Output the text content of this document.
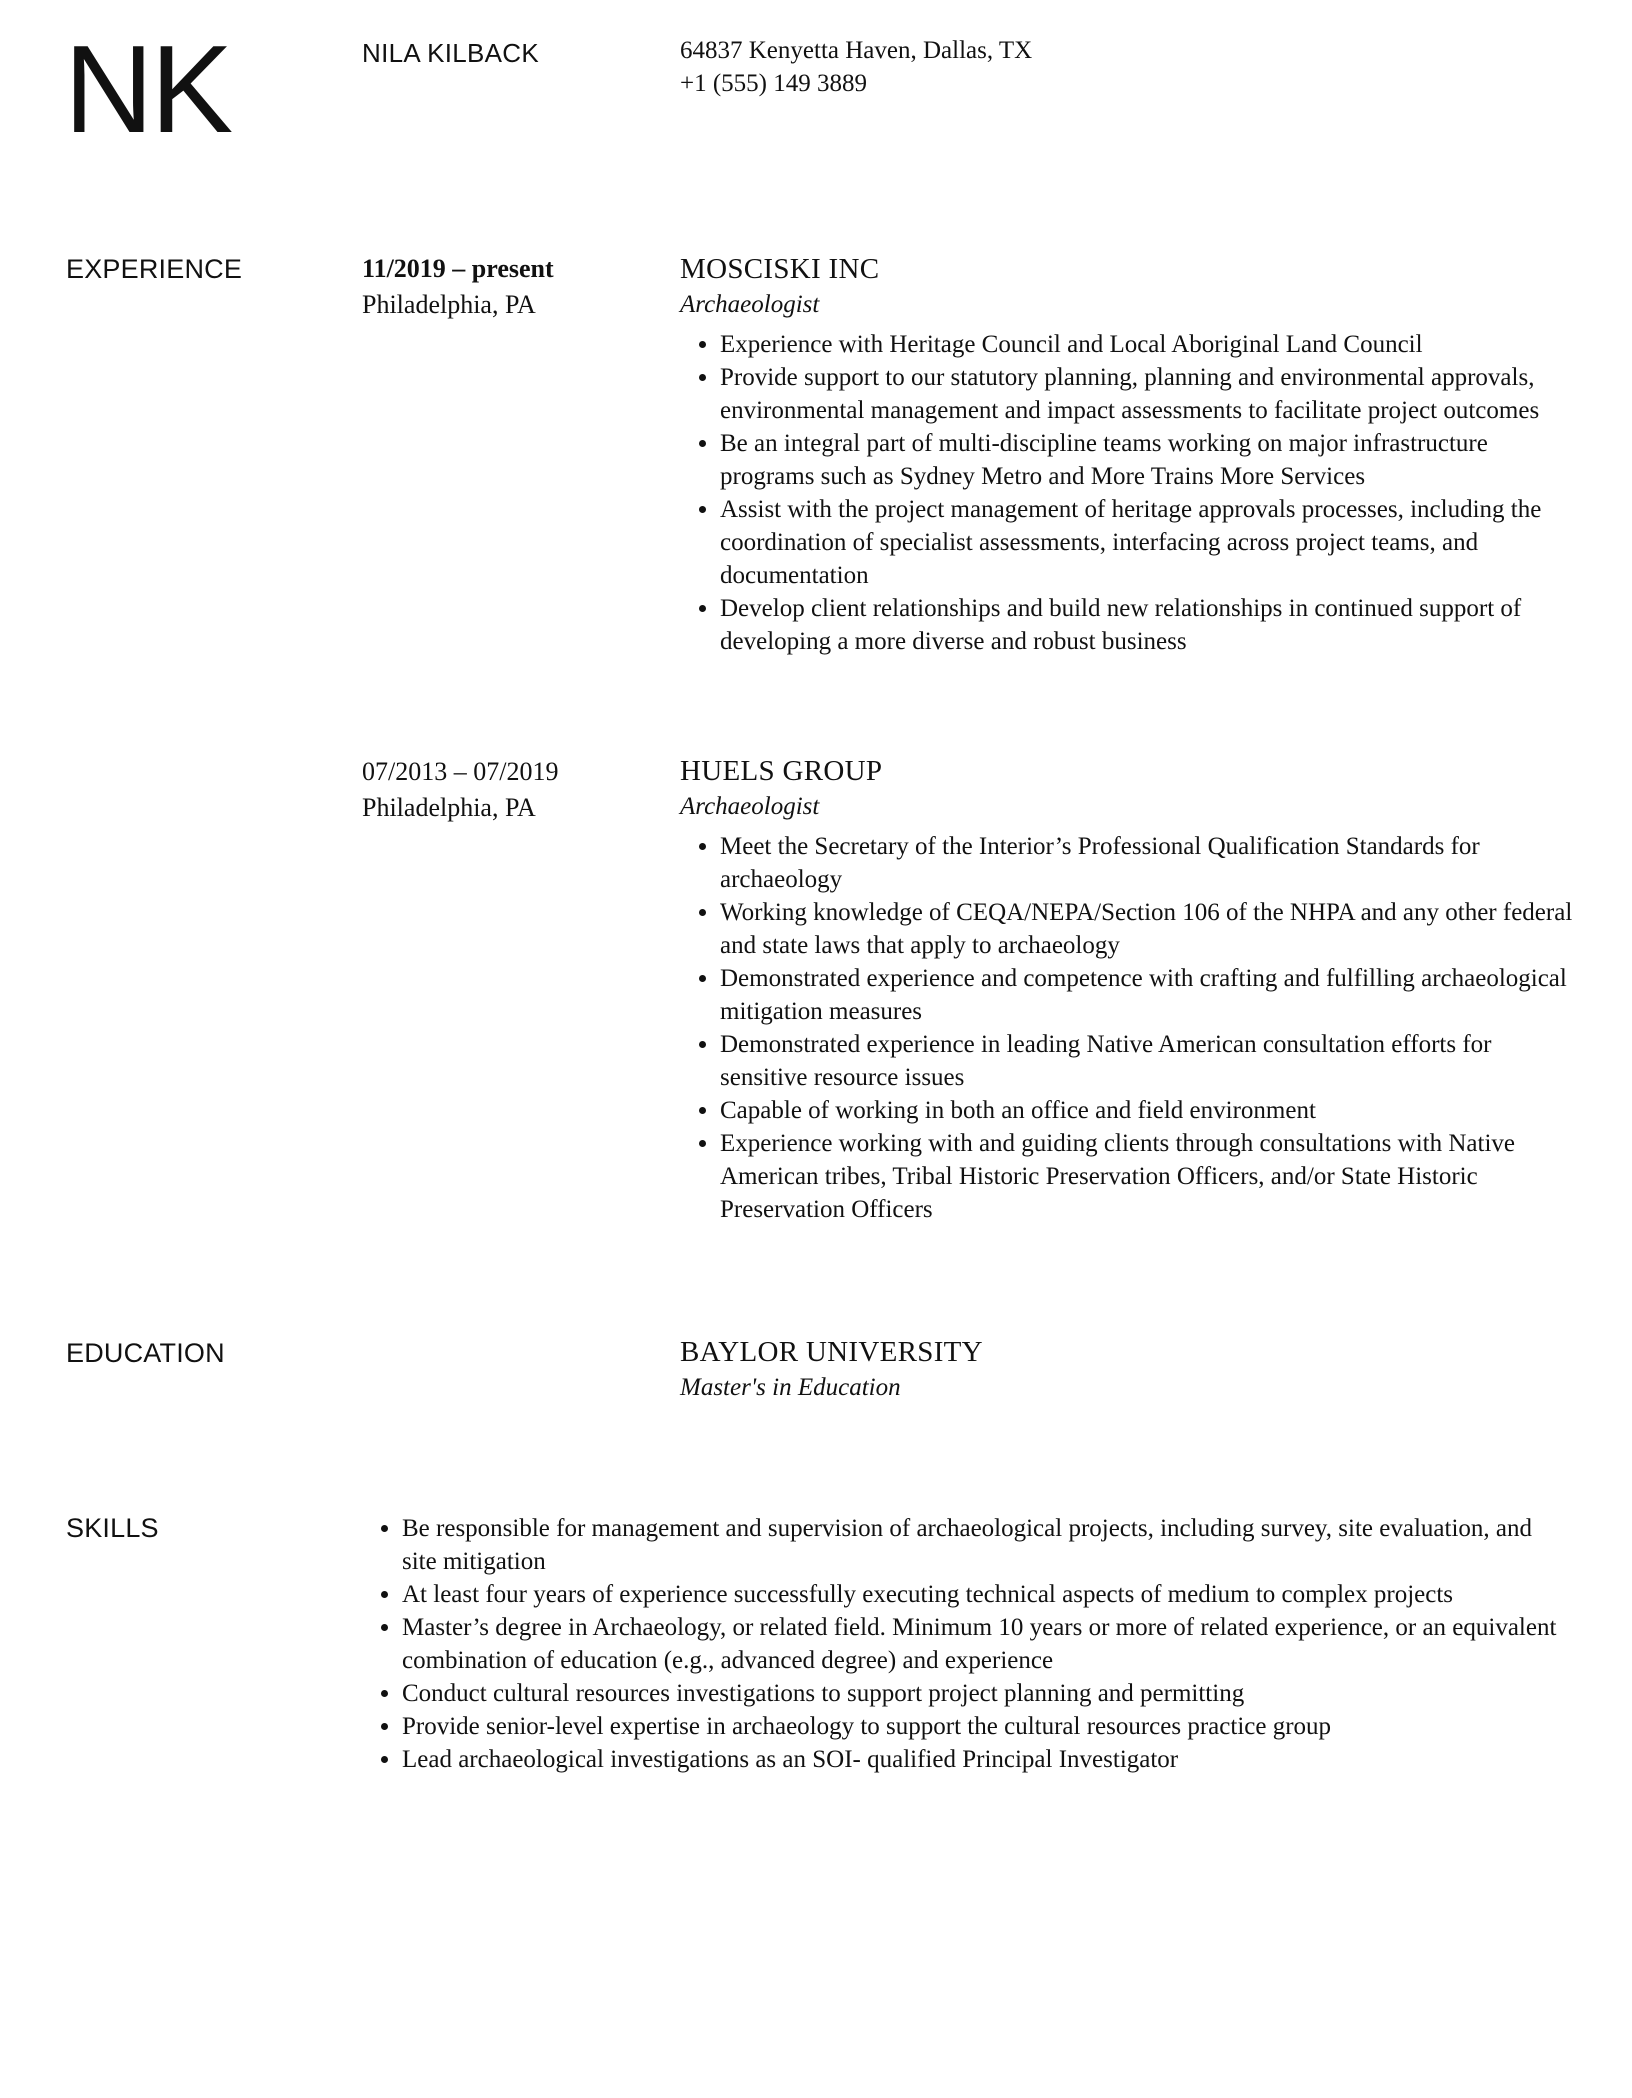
NK	NILA KILBACK	64837 Kenyetta Haven, Dallas, TX
+1 (555) 149 3889
EXPERIENCE	11/2019 – present
Philadelphia, PA

MOSCISKI INC

Archaeologist

• Experience with Heritage Council and Local Aboriginal Land Council
• Provide support to our statutory planning, planning and environmental approvals, environmental management and impact assessments to facilitate project outcomes
• Be an integral part of multi-discipline teams working on major infrastructure programs such as Sydney Metro and More Trains More Services
• Assist with the project management of heritage approvals processes, including the coordination of specialist assessments, interfacing across project teams, and documentation
• Develop client relationships and build new relationships in continued support of developing a more diverse and robust business
07/2013 – 07/2019
Philadelphia, PA

HUELS GROUP

Archaeologist

• Meet the Secretary of the Interior’s Professional Qualification Standards for archaeology
• Working knowledge of CEQA/NEPA/Section 106 of the NHPA and any other federal and state laws that apply to archaeology
• Demonstrated experience and competence with crafting and fulfilling archaeological mitigation measures
• Demonstrated experience in leading Native American consultation efforts for sensitive resource issues
• Capable of working in both an office and field environment
• Experience working with and guiding clients through consultations with Native American tribes, Tribal Historic Preservation Officers, and/or State Historic Preservation Officers
EDUCATION	BAYLOR UNIVERSITY

Master's in Education

SKILLS
•	Be responsible for management and supervision of archaeological projects, including survey, site evaluation, and site mitigation
• At least four years of experience successfully executing technical aspects of medium to complex projects
• Master’s degree in Archaeology, or related field. Minimum 10 years or more of related experience, or an equivalent combination of education (e.g., advanced degree) and experience
• Conduct cultural resources investigations to support project planning and permitting
• Provide senior-level expertise in archaeology to support the cultural resources practice group
• Lead archaeological investigations as an SOI- qualified Principal Investigator
